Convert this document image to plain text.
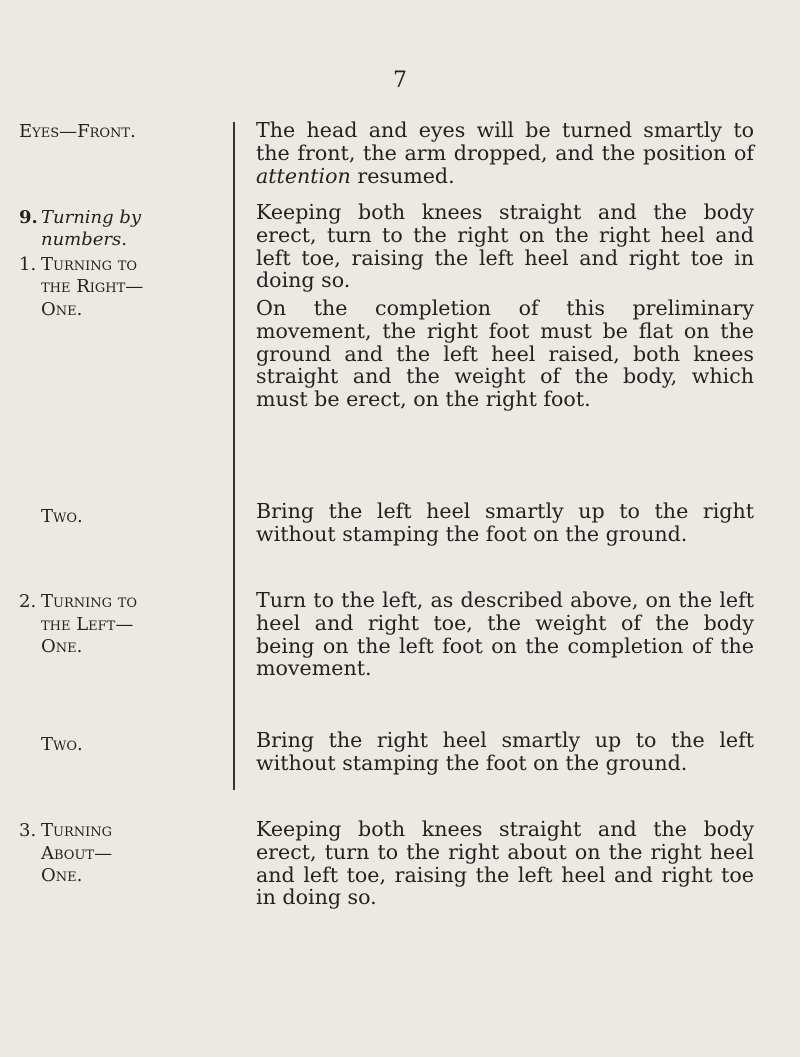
7
Eyes—Front.
9. Turning by
numbers.
1. Turning to
the Right—
One.
Two.
2. Turning to
the Left—
One.
Two.
3. Turning
About—
One.
The head and eyes will be turned smartly to the front, the arm dropped, and the position of attention resumed.
Keeping both knees straight and the body erect, turn to the right on the right heel and left toe, raising the left heel and right toe in doing so.
On the completion of this preliminary movement, the right foot must be flat on the ground and the left heel raised, both knees straight and the weight of the body, which must be erect, on the right foot.
Bring the left heel smartly up to the right without stamping the foot on the ground.
Turn to the left, as described above, on the left heel and right toe, the weight of the body being on the left foot on the completion of the movement.
Bring the right heel smartly up to the left without stamping the foot on the ground.
Keeping both knees straight and the body erect, turn to the right about on the right heel and left toe, raising the left heel and right toe in doing so.
